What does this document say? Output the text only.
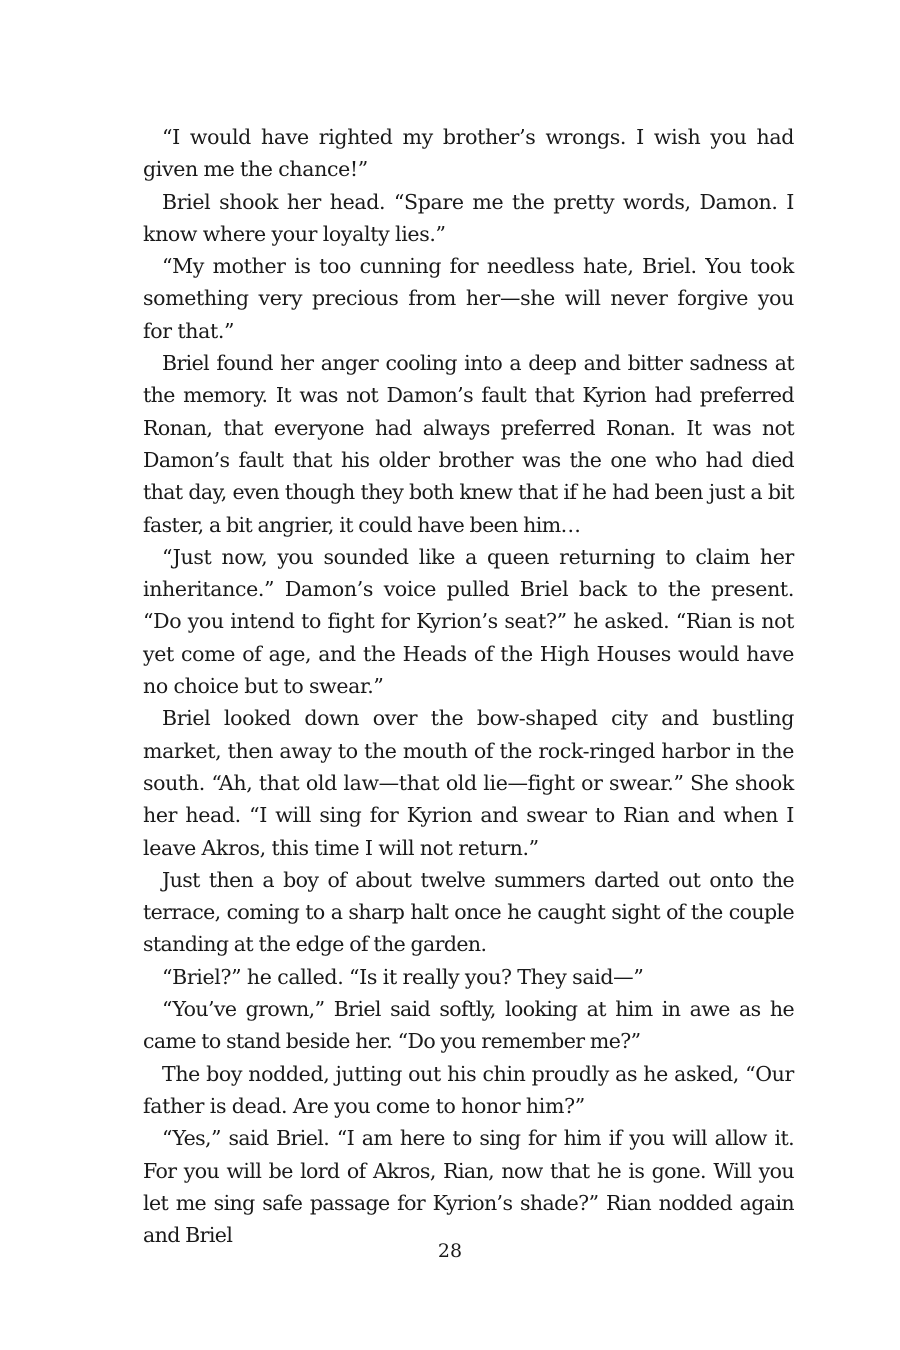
“I would have righted my brother’s wrongs. I wish you had given me the chance!”

Briel shook her head. “Spare me the pretty words, Damon. I know where your loyalty lies.”

“My mother is too cunning for needless hate, Briel. You took something very precious from her—she will never forgive you for that.”

Briel found her anger cooling into a deep and bitter sadness at the memory. It was not Damon’s fault that Kyrion had preferred Ronan, that everyone had always preferred Ronan. It was not Damon’s fault that his older brother was the one who had died that day, even though they both knew that if he had been just a bit faster, a bit angrier, it could have been him…

“Just now, you sounded like a queen returning to claim her inheritance.” Damon’s voice pulled Briel back to the present. “Do you intend to fight for Kyrion’s seat?” he asked. “Rian is not yet come of age, and the Heads of the High Houses would have no choice but to swear.”

Briel looked down over the bow-shaped city and bustling market, then away to the mouth of the rock-ringed harbor in the south. “Ah, that old law—that old lie—fight or swear.” She shook her head. “I will sing for Kyrion and swear to Rian and when I leave Akros, this time I will not return.”

Just then a boy of about twelve summers darted out onto the terrace, coming to a sharp halt once he caught sight of the couple standing at the edge of the garden.

“Briel?” he called. “Is it really you? They said—”

“You’ve grown,” Briel said softly, looking at him in awe as he came to stand beside her. “Do you remember me?”

The boy nodded, jutting out his chin proudly as he asked, “Our father is dead. Are you come to honor him?”

“Yes,” said Briel. “I am here to sing for him if you will allow it. For you will be lord of Akros, Rian, now that he is gone. Will you let me sing safe passage for Kyrion’s shade?” Rian nodded again and Briel

28
